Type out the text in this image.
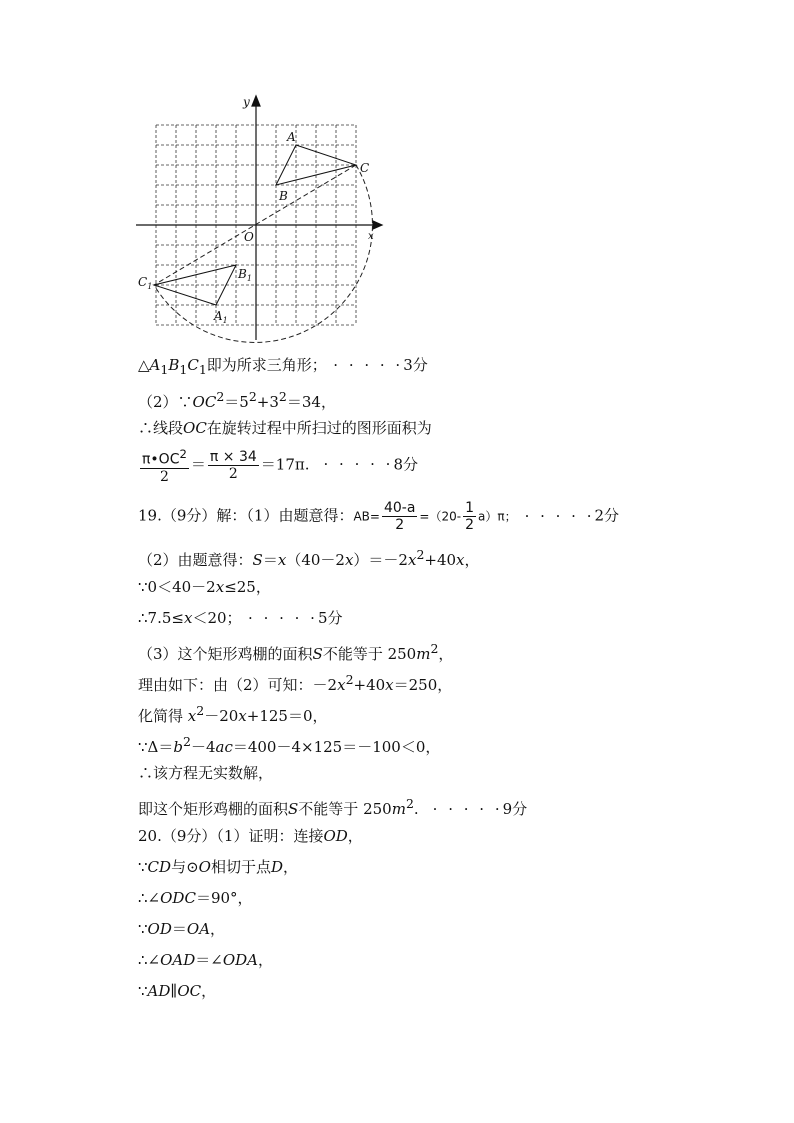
y
x
O
A
B
C
$A_1$
$B_1$
$C_1$
$\triangle A_1B_1C_1$即为所求三角形； · · · · ·3分
$(2)\because OC^2=5^2+3^2=34$，
∴线段OC在旋转过程中所扫过的图形面积为
$\frac{\pi•OC^2}{2} = \frac{\pi \times 34}{2} =17\pi$. · · · · ·8分
19.（9分）解：（1）由题意得：$AB= \frac{40-a}{2} =(20- \frac{1}{2} a)\pi$； · · · · ·2分
（2）由题意得：$S=x(40-2x)=-2x^2+40x$，
∵0＜40－2x≤25，
∴7.5≤x＜20； · · · · ·5分
（3）这个矩形鸡棚的面积S不能等于 $250m^2$，
理由如下：由（2）可知：$-2x^2+40x=250$，
化简得 $x^2-20x+125=0$，
$\because\Delta=b^2-4ac=400-4\times 125=-100<0$，
∴该方程无实数解，
即这个矩形鸡棚的面积S不能等于 $250m^2$. · · · · ·9分
20.（9分）（1）证明：连接OD，
∵CD与⊙O相切于点D，
∴∠ODC＝90°，
∵OD＝OA，
∴∠OAD＝∠ODA，
∵AD∥OC，
